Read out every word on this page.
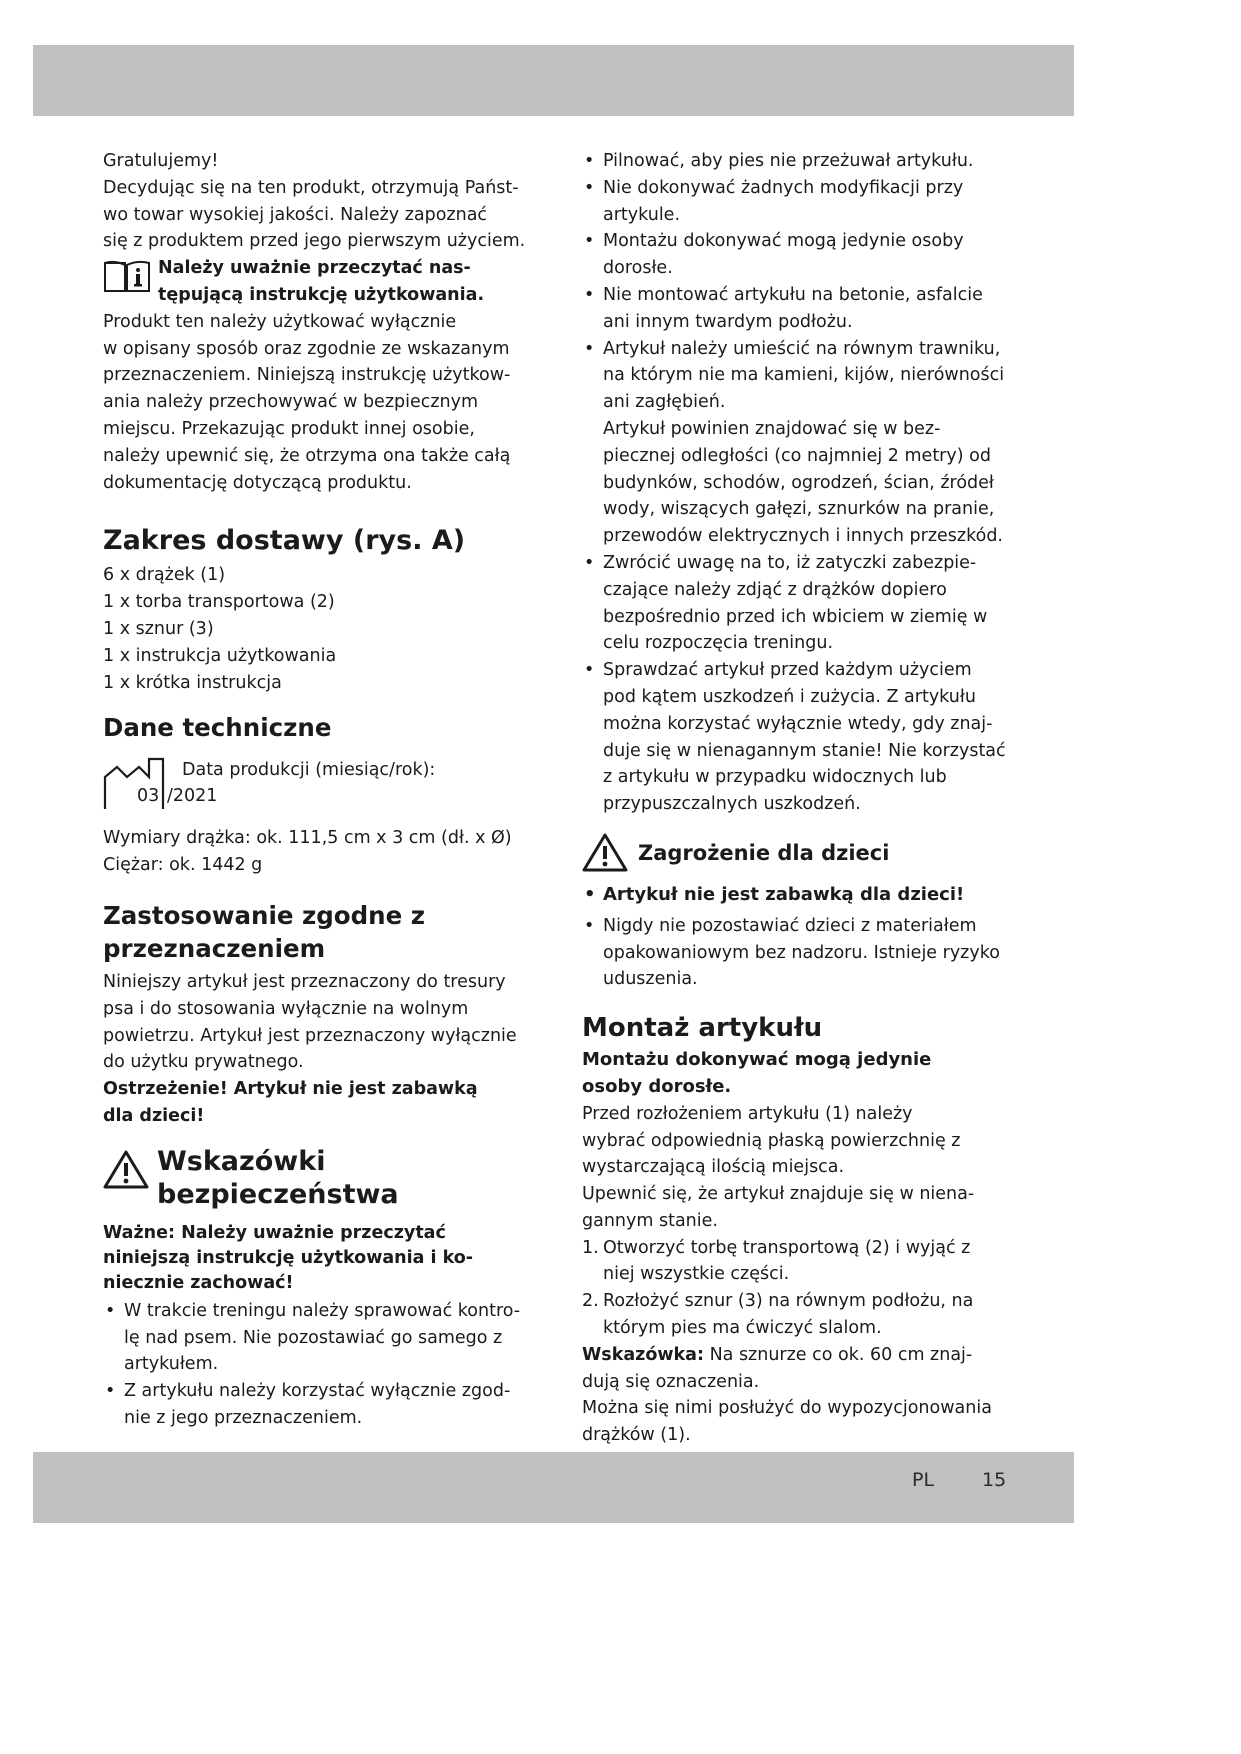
Gratulujemy!

Decydując się na ten produkt, otrzymują Państ-
wo towar wysokiej jakości. Należy zapoznać
się z produktem przed jego pierwszym użyciem.

Należy uważnie przeczytać nas-
tępującą instrukcję użytkowania.

Produkt ten należy użytkować wyłącznie
w opisany sposób oraz zgodnie ze wskazanym
przeznaczeniem. Niniejszą instrukcję użytkow-
ania należy przechowywać w bezpiecznym
miejscu. Przekazując produkt innej osobie,
należy upewnić się, że otrzyma ona także całą
dokumentację dotyczącą produktu.

Zakres dostawy (rys. A)

6 x drążek (1)

1 x torba transportowa (2)

1 x sznur (3)

1 x instrukcja użytkowania

1 x krótka instrukcja

Dane techniczne
Data produkcji (miesiąc/rok):
03 /2021

Wymiary drążka: ok. 111,5 cm x 3 cm (dł. x Ø)

Ciężar: ok. 1442 g

Zastosowanie zgodne z
przeznaczeniem

Niniejszy artykuł jest przeznaczony do tresury
psa i do stosowania wyłącznie na wolnym
powietrzu. Artykuł jest przeznaczony wyłącznie
do użytku prywatnego.

Ostrzeżenie! Artykuł nie jest zabawką
dla dzieci!

Wskazówki
bezpieczeństwa

Ważne: Należy uważnie przeczytać
niniejszą instrukcję użytkowania i ko-
niecznie zachować!

• W trakcie treningu należy sprawować kontro-
lę nad psem. Nie pozostawiać go samego z
artykułem.
• Z artykułu należy korzystać wyłącznie zgod-
nie z jego przeznaczeniem.
• Pilnować, aby pies nie przeżuwał artykułu.
• Nie dokonywać żadnych modyfikacji przy
artykule.
• Montażu dokonywać mogą jedynie osoby
dorosłe.
• Nie montować artykułu na betonie, asfalcie
ani innym twardym podłożu.
• Artykuł należy umieścić na równym trawniku,
na którym nie ma kamieni, kijów, nierówności
ani zagłębień.
Artykuł powinien znajdować się w bez-
piecznej odległości (co najmniej 2 metry) od
budynków, schodów, ogrodzeń, ścian, źródeł
wody, wiszących gałęzi, sznurków na pranie,
przewodów elektrycznych i innych przeszkód.
• Zwrócić uwagę na to, iż zatyczki zabezpie-
czające należy zdjąć z drążków dopiero
bezpośrednio przed ich wbiciem w ziemię w
celu rozpoczęcia treningu.
• Sprawdzać artykuł przed każdym użyciem
pod kątem uszkodzeń i zużycia. Z artykułu
można korzystać wyłącznie wtedy, gdy znaj-
duje się w nienagannym stanie! Nie korzystać
z artykułu w przypadku widocznych lub
przypuszczalnych uszkodzeń.

Zagrożenie dla dzieci

• Artykuł nie jest zabawką dla dzieci!
• Nigdy nie pozostawiać dzieci z materiałem
opakowaniowym bez nadzoru. Istnieje ryzyko
uduszenia.
Montaż artykułu

Montażu dokonywać mogą jedynie
osoby dorosłe.

Przed rozłożeniem artykułu (1) należy
wybrać odpowiednią płaską powierzchnię z
wystarczającą ilością miejsca.

Upewnić się, że artykuł znajduje się w niena-
gannym stanie.

1. Otworzyć torbę transportową (2) i wyjąć z
niej wszystkie części.
2. Rozłożyć sznur (3) na równym podłożu, na
którym pies ma ćwiczyć slalom.

Wskazówka: Na sznurze co ok. 60 cm znaj-
dują się oznaczenia.

Można się nimi posłużyć do wypozycjonowania
drążków (1).

PL	15
